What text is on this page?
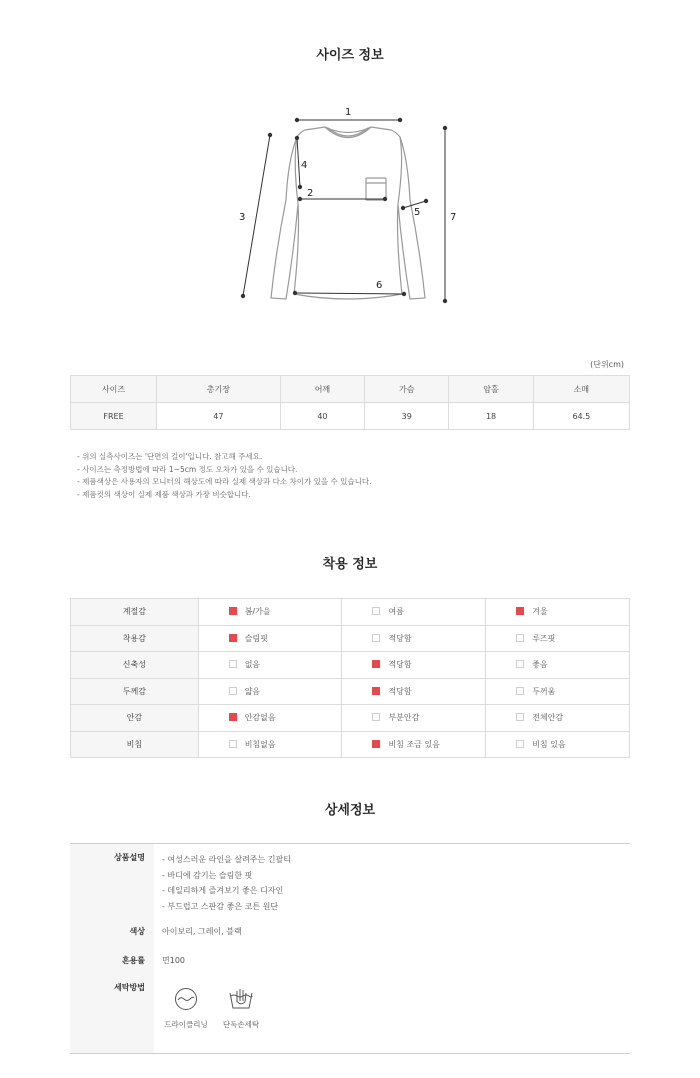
사이즈 정보
1
2
3
4
5
6
7
(단위cm)
사이즈	총기장	어깨	가슴	암홀	소매
FREE	47	40	39	18	64.5
- 위의 실측사이즈는 '단면의 길이'입니다. 참고해 주세요.
- 사이즈는 측정방법에 따라 1~5cm 정도 오차가 있을 수 있습니다.
- 제품색상은 사용자의 모니터의 해상도에 따라 실제 색상과 다소 차이가 있을 수 있습니다.
- 제품컷의 색상이 실제 제품 색상과 가장 비슷합니다.
착용 정보
계절감	봄/가을	여름	겨울
착용감	슬림핏	적당함	루즈핏
신축성	없음	적당함	좋음
두께감	얇음	적당함	두꺼움
안감	안감없음	부분안감	전체안감
비침	비침없음	비침 조금 있음	비침 있음
상세정보
상품설명 - 여성스러운 라인을 살려주는 긴팔티
- 바디에 감기는 슬림한 핏
- 데일리하게 즐겨보기 좋은 디자인
- 부드럽고 스판감 좋은 코튼 원단
색상 아이보리, 그레이, 블랙
혼용률 면100
세탁방법
드라이클리닝	단독손세탁
